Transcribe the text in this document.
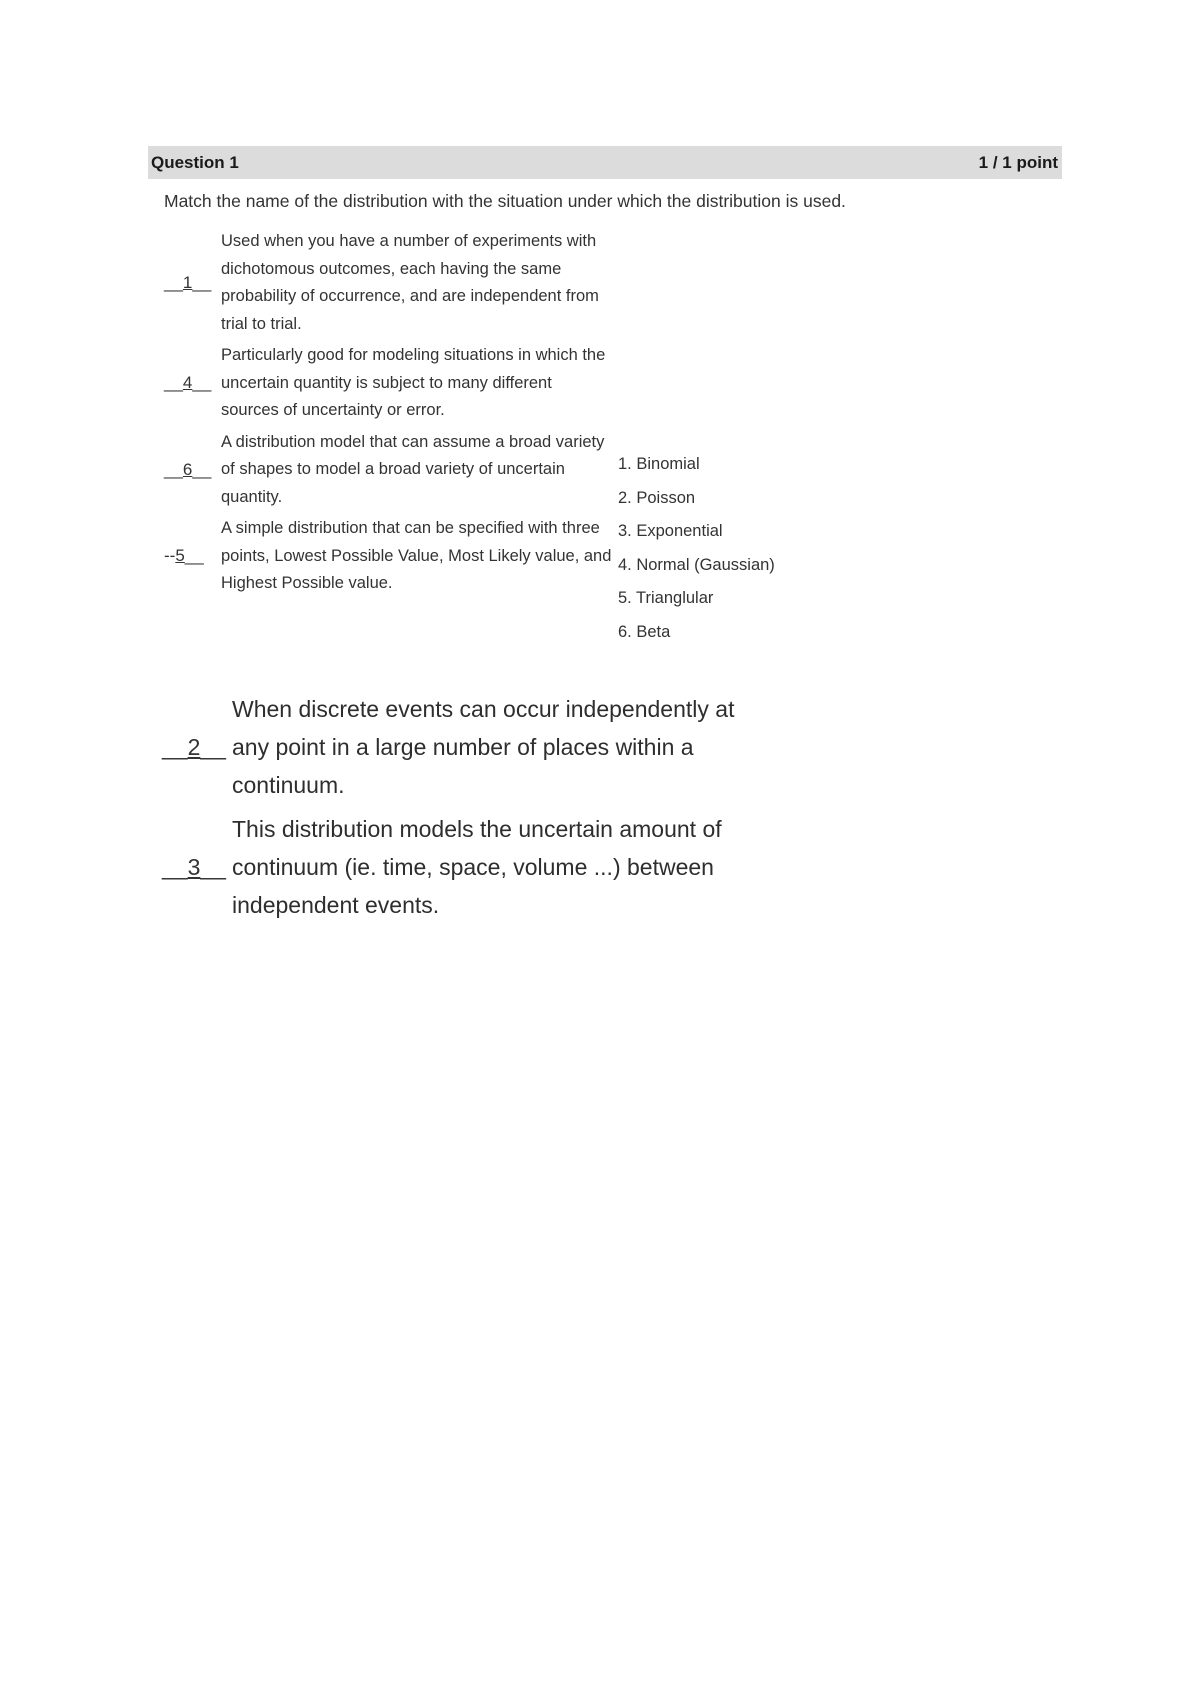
Question 1	1 / 1 point
Match the name of the distribution with the situation under which the distribution is used.
__1__
Used when you have a number of experiments with dichotomous outcomes, each having the same probability of occurrence, and are independent from trial to trial.
__4__
Particularly good for modeling situations in which the uncertain quantity is subject to many different sources of uncertainty or error.
__6__
A distribution model that can assume a broad variety of shapes to model a broad variety of uncertain quantity.
--5__
A simple distribution that can be specified with three points, Lowest Possible Value, Most Likely value, and Highest Possible value.
1. Binomial
2. Poisson
3. Exponential
4. Normal (Gaussian)
5. Trianglular
6. Beta
__2__
When discrete events can occur independently at any point in a large number of places within a continuum.
__3__
This distribution models the uncertain amount of continuum (ie. time, space, volume ...) between independent events.
